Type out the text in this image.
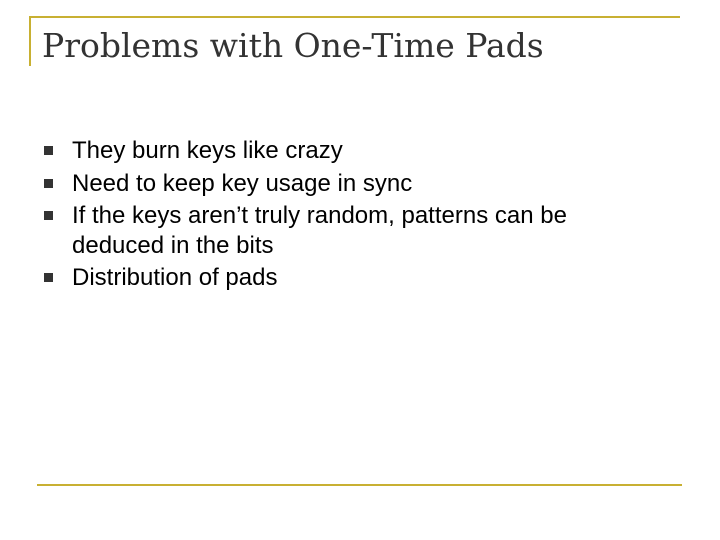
Problems with One-Time Pads
They burn keys like crazy
Need to keep key usage in sync
If the keys aren’t truly random, patterns can be deduced in the bits
Distribution of pads
